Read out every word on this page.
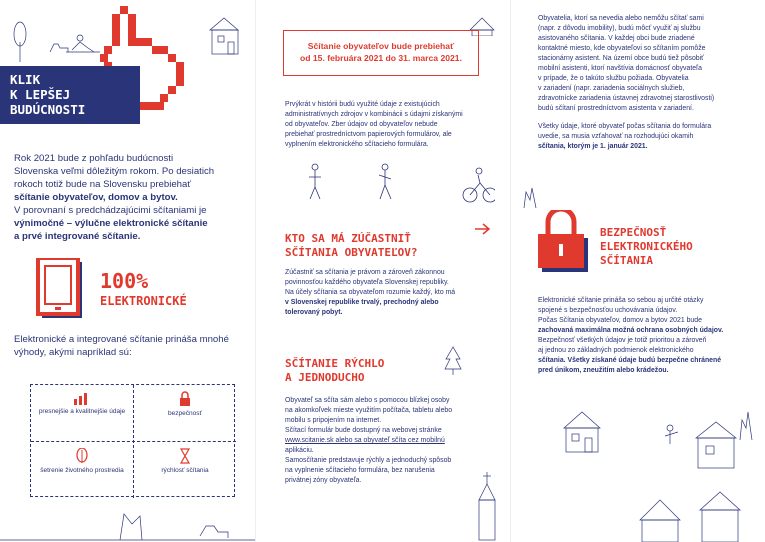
KLIK
K LEPŠEJ
BUDÚCNOSTI
Rok 2021 bude z pohľadu budúcnosti
Slovenska veľmi dôležitým rokom. Po desiatich
rokoch totiž bude na Slovensku prebiehať
sčítanie obyvateľov, domov a bytov.
V porovnaní s predchádzajúcimi sčítaniami je
výnimočné – výlučne elektronické sčítanie
a prvé integrované sčítanie.
100%
ELEKTRONICKÉ
Elektronické a integrované sčítanie prináša mnohé výhody, akými napríklad sú:
presnejšie a kvalitnejšie údaje	bezpečnosť
šetrenie životného prostredia	rýchlosť sčítania
Sčítanie obyvateľov bude prebiehať
od 15. februára 2021 do 31. marca 2021.
Prvýkrát v histórii budú využité údaje z existujúcich
administratívnych zdrojov v kombinácii s údajmi získanými
od obyvateľov. Zber údajov od obyvateľov nebude
prebiehať prostredníctvom papierových formulárov, ale
vyplnením elektronického sčítacieho formulára.
KTO SA MÁ ZÚČASTNIŤ
SČÍTANIA OBYVATEĽOV?
Zúčastniť sa sčítania je právom a zároveň zákonnou
povinnosťou každého obyvateľa Slovenskej republiky.
Na účely sčítania sa obyvateľom rozumie každý, kto má
v Slovenskej republike trvalý, prechodný alebo
tolerovaný pobyt.
SČÍTANIE RÝCHLO
A JEDNODUCHO
Obyvateľ sa sčíta sám alebo s pomocou blízkej osoby
na akomkoľvek mieste využitím počítača, tabletu alebo
mobilu s pripojením na internet.
Sčítací formulár bude dostupný na webovej stránke
www.scitanie.sk alebo sa obyvateľ sčíta cez mobilnú
aplikáciu.
Samosčítanie predstavuje rýchly a jednoduchý spôsob
na vyplnenie sčítacieho formulára, bez narušenia
privátnej zóny obyvateľa.
Obyvatelia, ktorí sa nevedia alebo nemôžu sčítať sami
(napr. z dôvodu imobility), budú môcť využiť aj službu
asistovaného sčítania. V každej obci bude zriadené
kontaktné miesto, kde obyvateľovi so sčítaním pomôže
stacionárny asistent. Na území obce budú tiež pôsobiť
mobilní asistenti, ktorí navštívia domácnosť obyvateľa
v prípade, že o takúto službu požiada. Obyvatelia
v zariadení (napr. zariadenia sociálnych služieb,
zdravotnícke zariadenia ústavnej zdravotnej starostlivosti)
budú sčítaní prostredníctvom asistenta v zariadení.
Všetky údaje, ktoré obyvateľ počas sčítania do formulára
uvedie, sa musia vzťahovať na rozhodujúci okamih
sčítania, ktorým je 1. január 2021.
BEZPEČNOSŤ
ELEKTRONICKÉHO
SČÍTANIA
Elektronické sčítanie prináša so sebou aj určité otázky
spojené s bezpečnosťou uchovávania údajov.
Počas Sčítania obyvateľov, domov a bytov 2021 bude
zachovaná maximálna možná ochrana osobných údajov.
Bezpečnosť všetkých údajov je totiž prioritou a zároveň
aj jednou zo základných podmienok elektronického
sčítania. Všetky získané údaje budú bezpečne chránené
pred únikom, zneužitím alebo krádežou.
